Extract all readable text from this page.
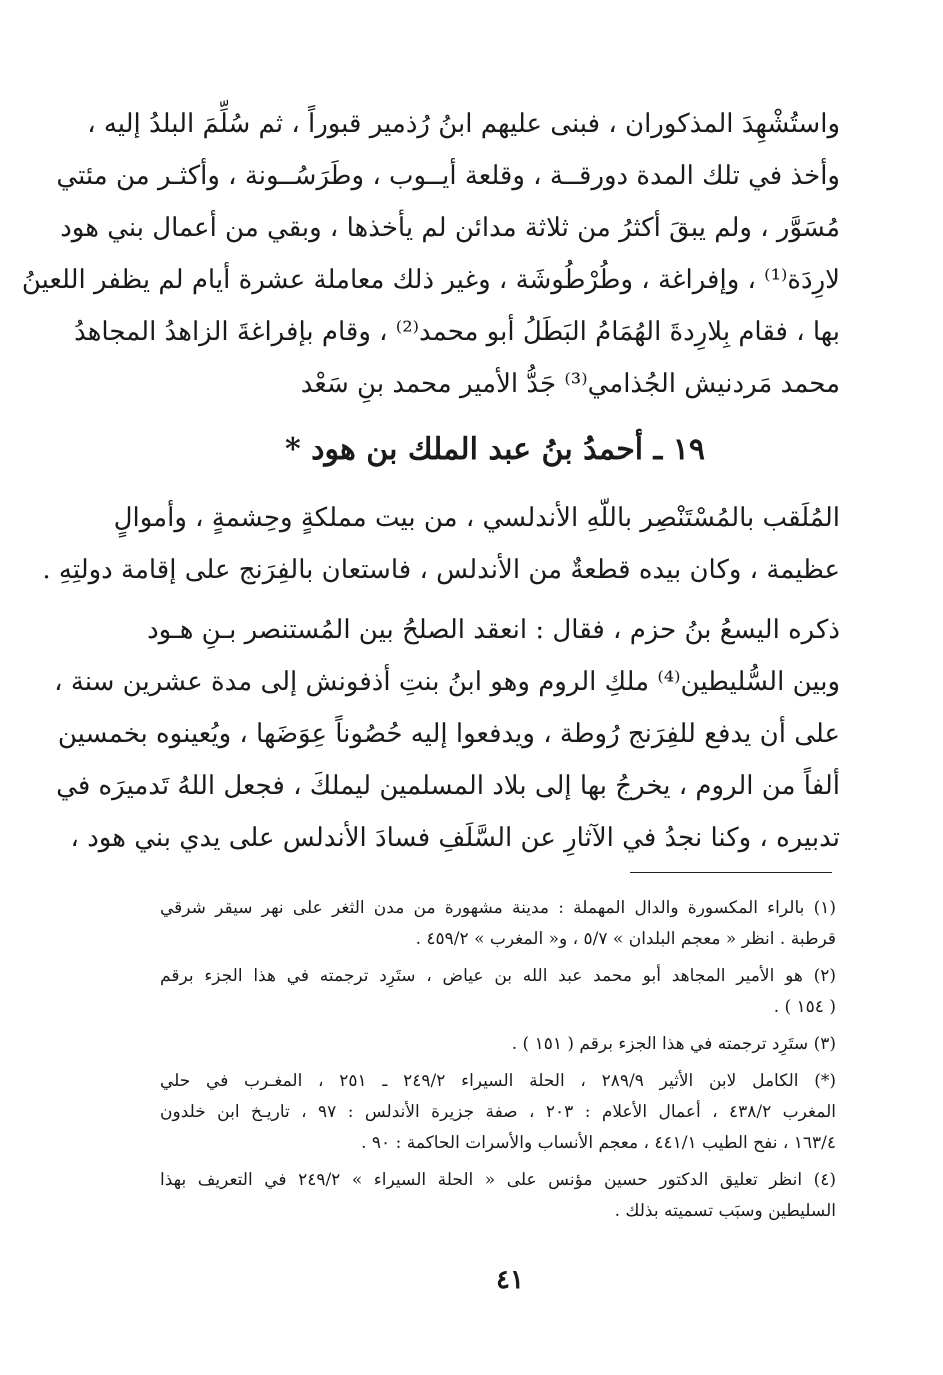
واستُشْهِدَ المذكوران ، فبنى عليهم ابنُ رُذمير قبوراً ، ثم سُلِّمَ البلدُ إليه ،
وأخذ في تلك المدة دورقــة ، وقلعة أيــوب ، وطَرَسُــونة ، وأكثـر من مئتي
مُسَوَّر ، ولم يبقَ أكثرُ من ثلاثة مدائن لم يأخذها ، وبقي من أعمال بني هود
لارِدَة⁽¹⁾ ، وإفراغة ، وطُرْطُوشَة ، وغير ذلك معاملة عشرة أيام لم يظفر اللعينُ
بها ، فقام بِلارِدةَ الهُمَامُ البَطَلُ أبو محمد⁽²⁾ ، وقام بإفراغةَ الزاهدُ المجاهدُ
محمد مَردنيش الجُذامي⁽³⁾ جَدُّ الأمير محمد بنِ سَعْد
١٩ ـ أحمدُ بنُ عبد الملك بن هود *
المُلَقب بالمُسْتَنْصِر باللّهِ الأندلسي ، من بيت مملكةٍ وحِشمةٍ ، وأموالٍ
عظيمة ، وكان بيده قطعةٌ من الأندلس ، فاستعان بالفِرَنج على إقامة دولتِهِ .
ذكره اليسعُ بنُ حزم ، فقال : انعقد الصلحُ بين المُستنصر بـنِ هـود
وبين السُّليطين⁽⁴⁾ ملكِ الروم وهو ابنُ بنتِ أذفونش إلى مدة عشرين سنة ،
على أن يدفع للفِرَنج رُوطة ، ويدفعوا إليه حُصُوناً عِوَضَها ، ويُعينوه بخمسين
ألفاً من الروم ، يخرجُ بها إلى بلاد المسلمين ليملكَ ، فجعل اللهُ تَدميرَه في
تدبيره ، وكنا نجدُ في الآثارِ عن السَّلَفِ فسادَ الأندلس على يدي بني هود ،
(١) بالراء المكسورة والدال المهملة : مدينة مشهورة من مدن الثغر على نهر سيقر شرقي
قرطبة . انظر « معجم البلدان » ٥/٧ ، و« المغرب » ٤٥٩/٢ .
(٢) هو الأمير المجاهد أبو محمد عبد الله بن عياض ، ستَرِد ترجمته في هذا الجزء برقم
( ١٥٤ ) .
(٣) ستَرِد ترجمته في هذا الجزء برقم ( ١٥١ ) .
(*) الكامل لابن الأثير ٢٨٩/٩ ، الحلة السيراء ٢٤٩/٢ ـ ٢٥١ ، المغـرب في حلي
المغرب ٤٣٨/٢ ، أعمال الأعلام : ٢٠٣ ، صفة جزيرة الأندلس : ٩٧ ، تاريـخ ابن خلدون
١٦٣/٤ ، نفح الطيب ٤٤١/١ ، معجم الأنساب والأسرات الحاكمة : ٩٠ .
(٤) انظر تعليق الدكتور حسين مؤنس على « الحلة السيراء » ٢٤٩/٢ في التعريف بهذا
السليطين وسبَب تسميته بذلك .
٤١
